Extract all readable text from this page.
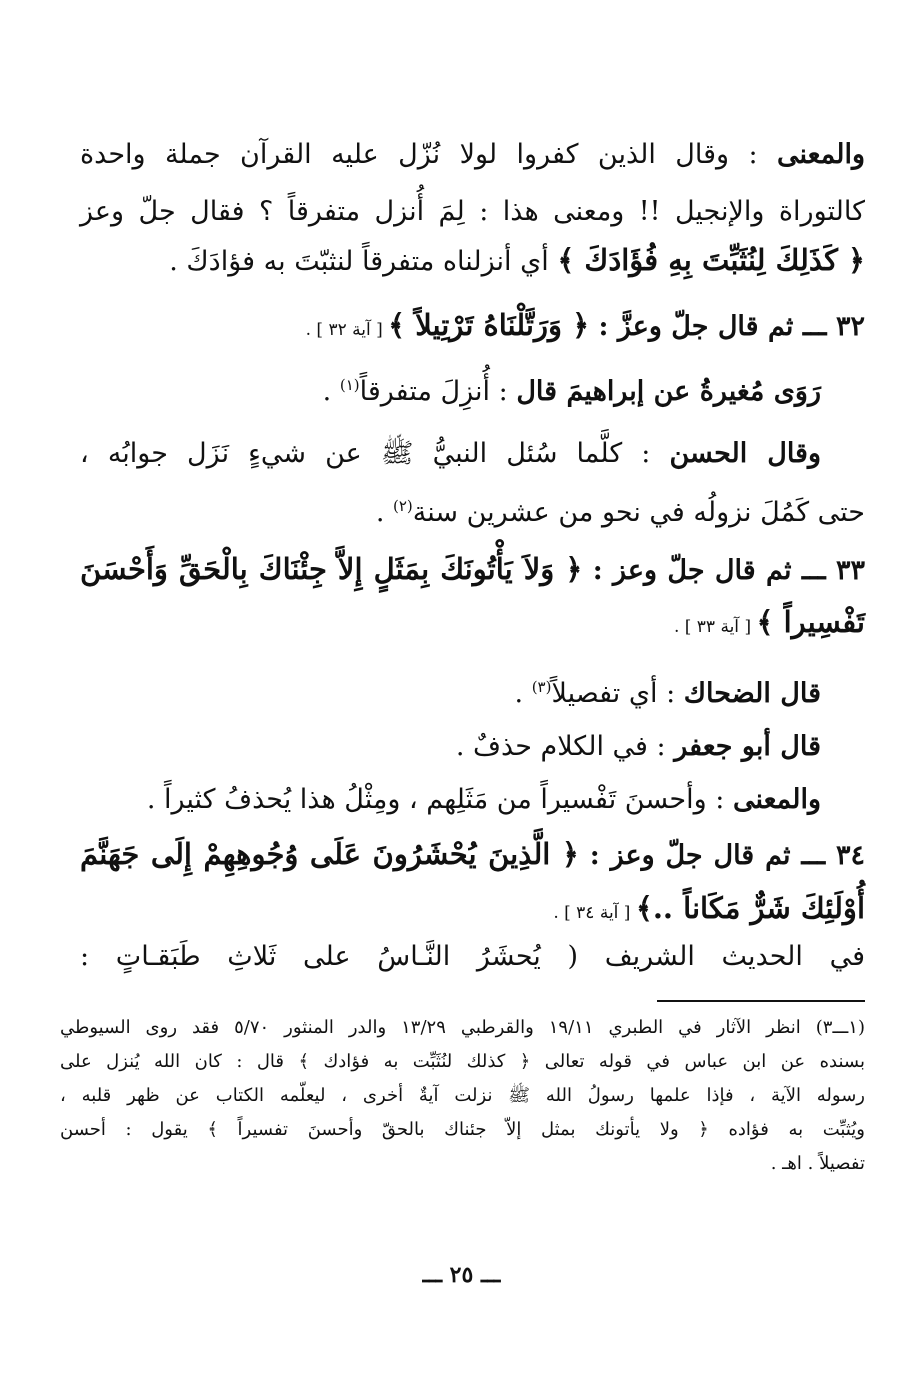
والمعنى : وقال الذين كفروا لولا نُزّل عليه القرآن جملة واحدة
كالتوراة والإنجيل !! ومعنى هذا : لِمَ أُنزل متفرقاً ؟ فقال جلّ وعز
﴿ كَذَلِكَ لِنُثَبِّتَ بِهِ فُؤَادَكَ ﴾ أي أنزلناه متفرقاً لنثبّتَ به فؤادَكَ .
٣٢ ـــ ثم قال جلّ وعزَّ : ﴿ وَرَتَّلْنَاهُ تَرْتِيلاً ﴾ [ آية ٣٢ ] .
رَوَى مُغيرةُ عن إبراهيمَ قال : أُنزِلَ متفرقاً$^{(١)}$ .
وقال الحسن : كلَّما سُئل النبيُّ ﷺ عن شيءٍ نَزَل جوابُه ،
حتى كَمُلَ نزولُه في نحو من عشرين سنة$^{(٢)}$ .
٣٣ ـــ ثم قال جلّ وعز : ﴿ وَلاَ يَأْتُونَكَ بِمَثَلٍ إِلاَّ جِئْنَاكَ بِالْحَقِّ وَأَحْسَنَ
تَفْسِيراً ﴾ [ آية ٣٣ ] .
قال الضحاك : أي تفصيلاً$^{(٣)}$ .
قال أبو جعفر : في الكلام حذفٌ .
والمعنى : وأحسنَ تَفْسيراً من مَثَلِهم ، ومِثْلُ هذا يُحذفُ كثيراً .
٣٤ ـــ ثم قال جلّ وعز : ﴿ الَّذِينَ يُحْشَرُونَ عَلَى وُجُوهِهِمْ إِلَى جَهَنَّمَ
أُوْلَئِكَ شَرٌّ مَكَاناً ..﴾ [ آية ٣٤ ] .
في الحديث الشريف ( يُحشَرُ النَّـاسُ على ثَلاثِ طَبَقـاتٍ :
(١ـــ٣) انظر الآثار في الطبري ١٩/١١ والقرطبي ١٣/٢٩ والدر المنثور ٥/٧٠ فقد روى السيوطي
بسنده عن ابن عباس في قوله تعالى ﴿ كذلك لنُثَبِّت به فؤادك ﴾ قال : كان الله يُنزل على
رسوله الآية ، فإذا علمها رسولُ الله ﷺ نزلت آيةٌ أخرى ، ليعلّمه الكتاب عن ظهر قلبه ،
ويُثبِّت به فؤاده ﴿ ولا يأتونك بمثل إلاّ جئناك بالحقّ وأحسنَ تفسيراً ﴾ يقول : أحسن
تفصيلاً . اهـ .
ـــ ٢٥ ـــ
